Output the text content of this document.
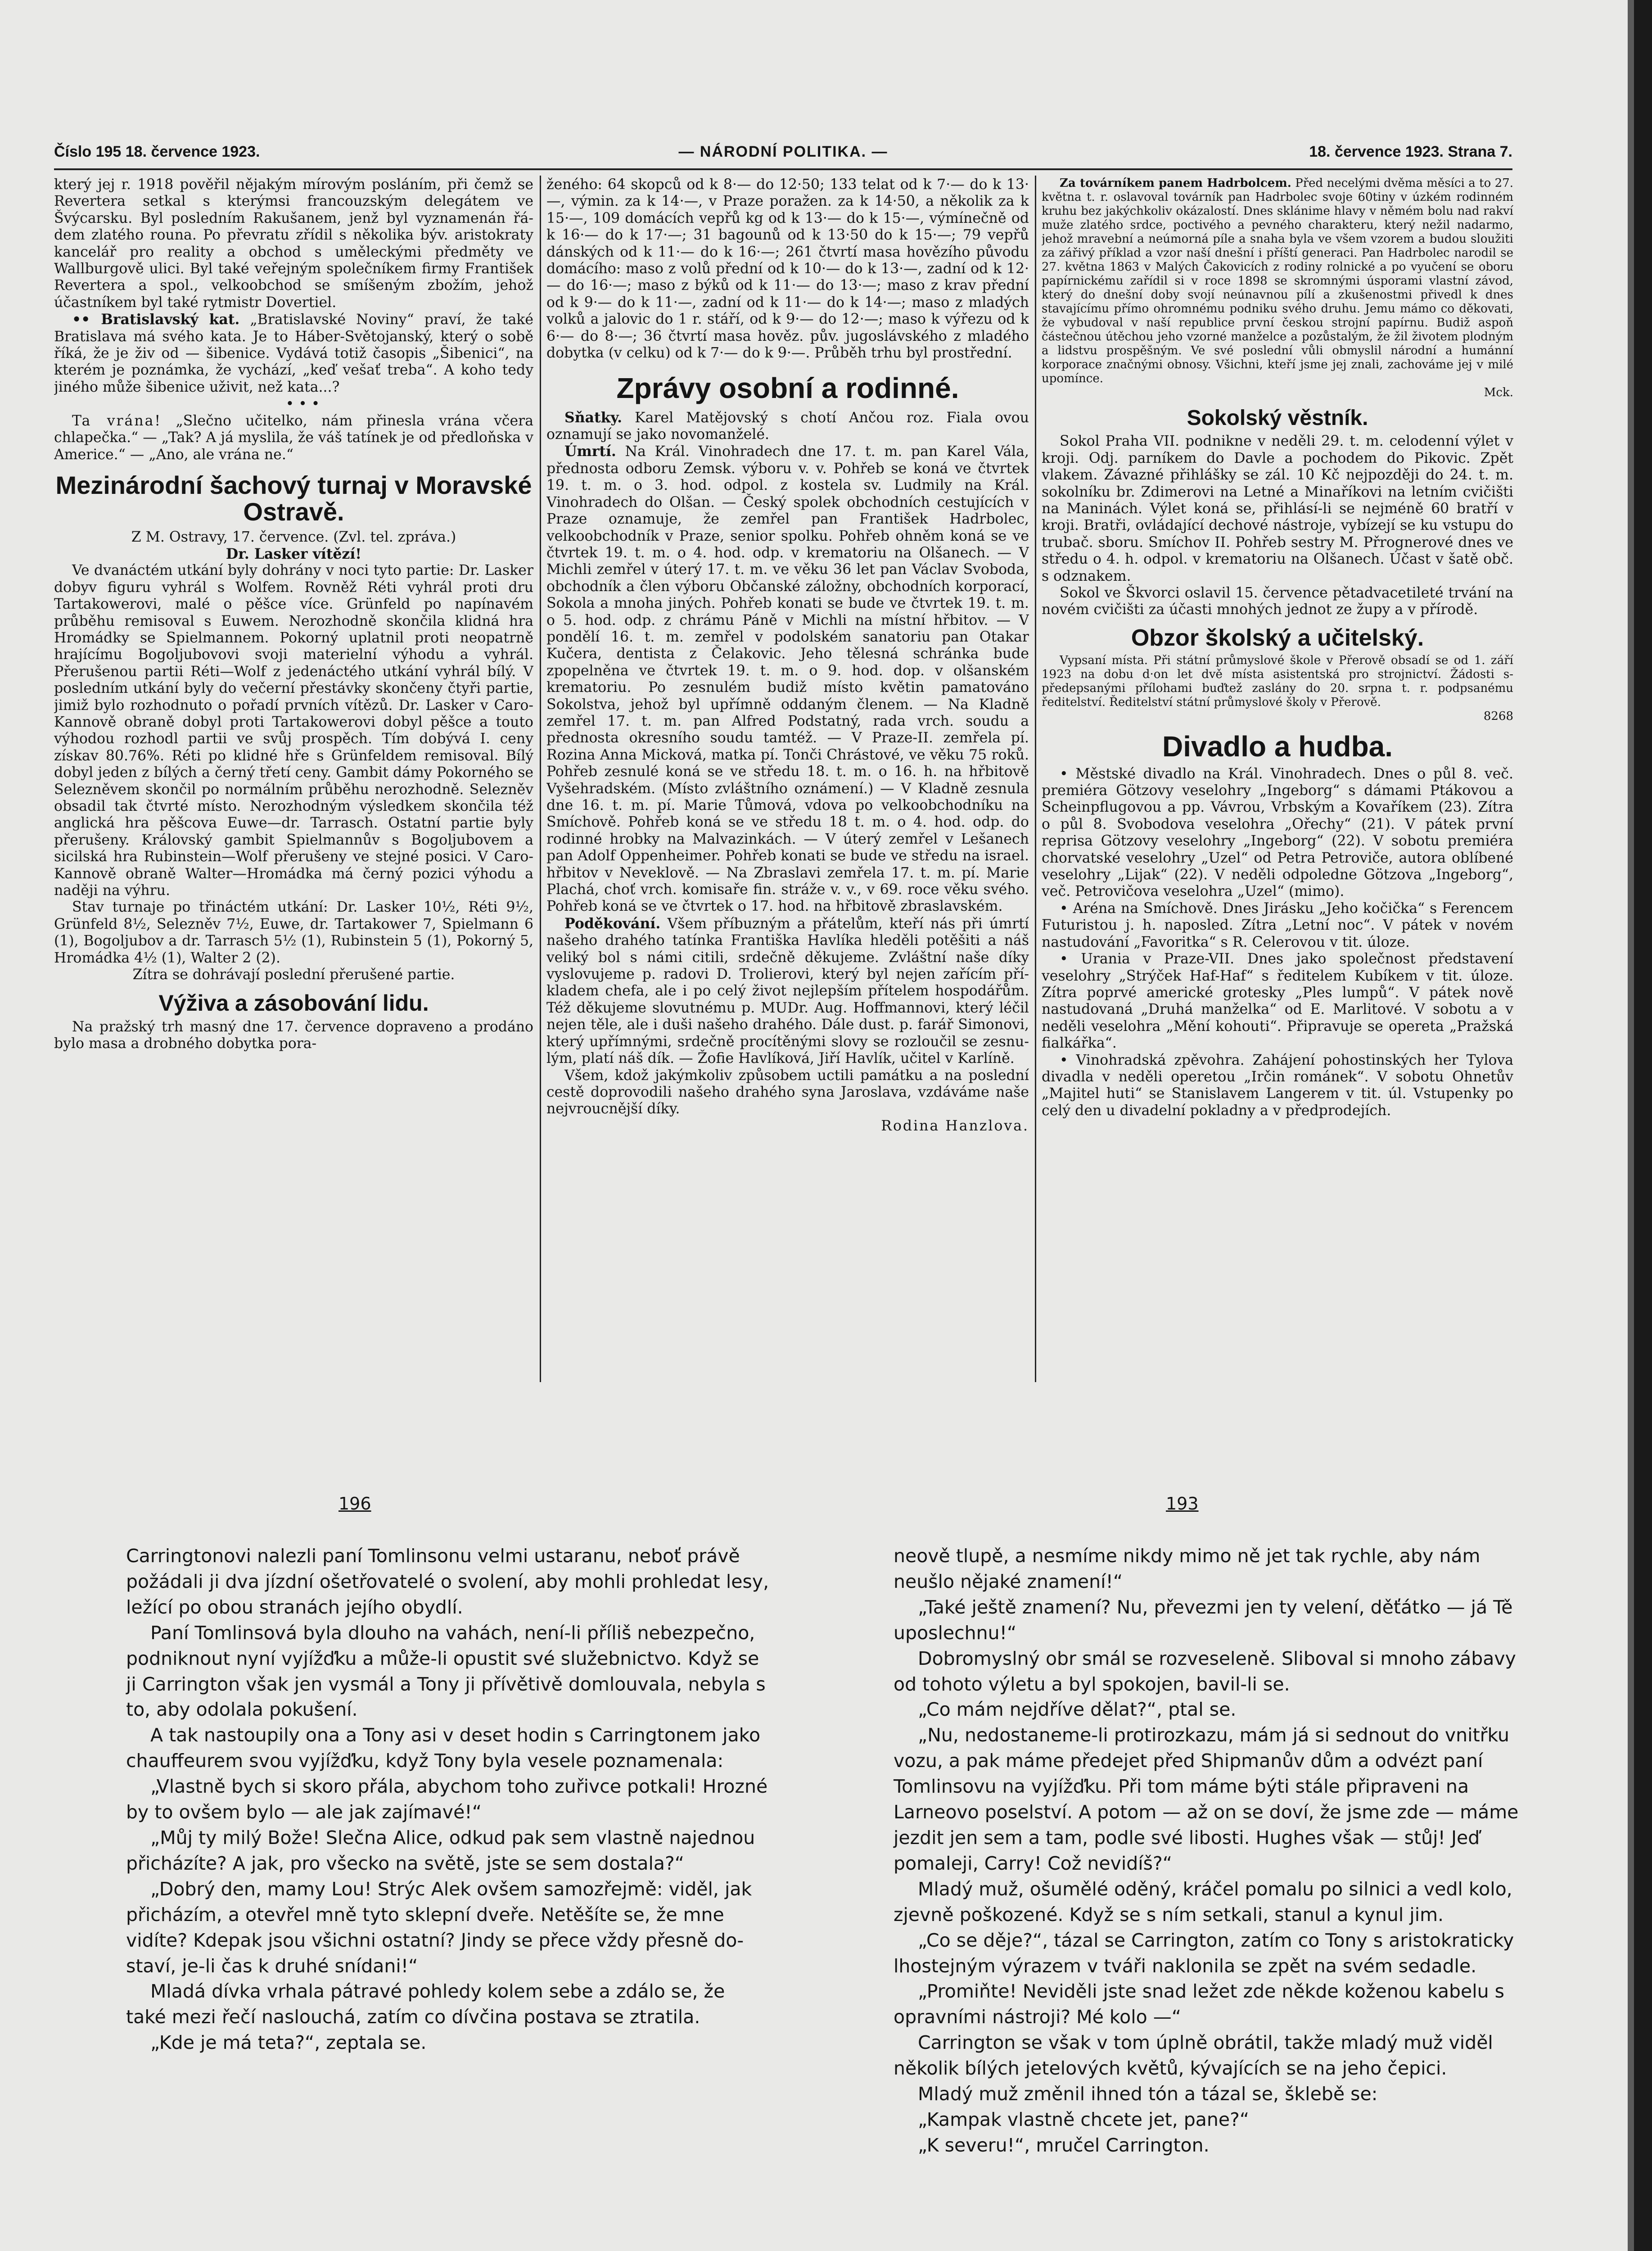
Číslo 195 18. července 1923.	— NÁRODNÍ POLITIKA. —	18. července 1923. Strana 7.

který jej r. 1918 pověřil nějakým mírovým posláním, při čemž se Revertera setkal s kterýmsi francouzským delegátem ve Švýcarsku. Byl posledním Rakušanem, jenž byl vyznamenán řádem zlatého rouna. Po převratu zřídil s několika býv. aristokraty kancelář pro reality a obchod s uměleckými předměty ve Wallburgově ulici. Byl také veřejným společníkem firmy František Revertera a spol., velkoobchod se smíšeným zbožím, jehož účastníkem byl také rytmistr Dovertiel.

•• Bratislavský kat. „Bratislavské Noviny“ praví, že také Bratislava má svého kata. Je to Háber-Světojanský, který o sobě říká, že je živ od — šibenice. Vydává totiž časopis „Šibenici“, na kterém je poznámka, že vychází, „keď vešať treba“. A koho tedy jiného může šibenice uživit, než kata...?

• • •

Ta vrána! „Slečno učitelko, nám přinesla vrána včera chlapečka.“ — „Tak? A já myslila, že váš tatínek je od předloňska v Americe.“ — „Ano, ale vrána ne.“

Mezinárodní šachový turnaj v Moravské Ostravě.

Z M. Ostravy, 17. července. (Zvl. tel. zpráva.)

Dr. Lasker vítězí!

Ve dvanáctém utkání byly dohrány v noci tyto partie: Dr. Lasker dobyv figuru vyhrál s Wolfem. Rovněž Réti vyhrál proti dru Tartakowerovi, malé o pěšce více. Grünfeld po napínavém průběhu remisoval s Euwem. Nerozhodně skončila klidná hra Hromádky se Spielmannem. Pokorný uplatnil proti neopatrně hrajícímu Bogoljubovovi svoji materielní výhodu a vyhrál. Přerušenou partii Réti—Wolf z jedenáctého utkání vyhrál bílý. V posledním utkání byly do večerní přestávky skončeny čtyři partie, jimiž bylo rozhodnuto o pořadí prvních vítězů. Dr. Lasker v Caro-Kannově obraně dobyl proti Tartakowerovi dobyl pěšce a touto výhodou rozhodl partii ve svůj prospěch. Tím dobývá I. ceny získav 80.76%. Réti po klidné hře s Grünfeldem remisoval. Bílý dobyl jeden z bílých a černý třetí ceny. Gambit dámy Pokorného se Selezněvem skončil po normálním průběhu nerozhodně. Selezněv obsadil tak čtvrté místo. Nerozhodným výsledkem skončila též anglická hra pěšcova Euwe—dr. Tarrasch. Ostatní partie byly přerušeny. Královský gambit Spielmannův s Bogoljubovem a sicilská hra Rubinstein—Wolf přerušeny ve stejné posici. V CaroKannově obraně Walter—Hromádka má černý pozici výhodu a naději na výhru.

Stav turnaje po třináctém utkání: Dr. Lasker 10½, Réti 9½, Grünfeld 8½, Selezněv 7½, Euwe, dr. Tartakower 7, Spielmann 6 (1), Bogoljubov a dr. Tarrasch 5½ (1), Rubinstein 5 (1), Pokorný 5, Hromádka 4½ (1), Walter 2 (2).

Zítra se dohrávají poslední přerušené partie.

Výživa a zásobování lidu.

Na pražský trh masný dne 17. července dopraveno a prodáno bylo masa a drobného dobytka pora-

ženého: 64 skopců od k 8·— do 12·50; 133 telat od k 7·— do k 13·—, výmin. za k 14·—, v Praze poražen. za k 14·50, a několik za k 15·—, 109 domácích vepřů kg od k 13·— do k 15·—, výmínečně od k 16·— do k 17·—; 31 bagounů od k 13·50 do k 15·—; 79 vepřů dánských od k 11·— do k 16·—; 261 čtvrtí masa hovězího původu domácího: maso z volů přední od k 10·— do k 13·—, zadní od k 12·— do 16·—; maso z býků od k 11·— do 13·—; maso z krav přední od k 9·— do k 11·—, zadní od k 11·— do k 14·—; maso z mladých volků a jalovic do 1 r. stáří, od k 9·— do 12·—; maso k výřezu od k 6·— do 8·—; 36 čtvrtí masa hověz. pův. jugoslávského z mladého dobytka (v celku) od k 7·— do k 9·—. Průběh trhu byl prostřední.

Zprávy osobní a rodinné.

Sňatky. Karel Matějovský s chotí Ančou roz. Fiala ovou oznamují se jako novomanželé.

Úmrtí. Na Král. Vinohradech dne 17. t. m. pan Karel Vála, přednosta odboru Zemsk. výboru v. v. Pohřeb se koná ve čtvrtek 19. t. m. o 3. hod. odpol. z kostela sv. Ludmily na Král. Vinohradech do Olšan. — Český spolek obchodních cestujících v Praze oznamuje, že zemřel pan František Hadrbolec, velkoobchodník v Praze, senior spolku. Pohřeb ohněm koná se ve čtvrtek 19. t. m. o 4. hod. odp. v krematoriu na Olšanech. — V Michli zemřel v úterý 17. t. m. ve věku 36 let pan Václav Svoboda, obchodník a člen výboru Občanské záložny, obchodních korporací, Sokola a mnoha jiných. Pohřeb konati se bude ve čtvrtek 19. t. m. o 5. hod. odp. z chrámu Páně v Michli na místní hřbitov. — V pondělí 16. t. m. zemřel v podolském sanatoriu pan Otakar Kučera, dentista z Čelakovic. Jeho tělesná schránka bude zpopelněna ve čtvrtek 19. t. m. o 9. hod. dop. v olšanském krematoriu. Po zesnulém budiž místo květin pamatováno Sokolstva, jehož byl upřímně oddaným členem. — Na Kladně zemřel 17. t. m. pan Alfred Podstatný, rada vrch. soudu a přednosta okresního soudu tamtéž. — V Praze-II. zemřela pí. Rozina Anna Micková, matka pí. Tonči Chrástové, ve věku 75 roků. Pohřeb zesnulé koná se ve středu 18. t. m. o 16. h. na hřbitově Vyšehradském. (Místo zvláštního oznámení.) — V Kladně zesnula dne 16. t. m. pí. Marie Tůmová, vdova po velkoobchodníku na Smíchově. Pohřeb koná se ve středu 18 t. m. o 4. hod. odp. do rodinné hrobky na Malvazinkách. — V úterý zemřel v Lešanech pan Adolf Oppenheimer. Pohřeb konati se bude ve středu na israel. hřbitov v Neveklově. — Na Zbraslavi zemřela 17. t. m. pí. Marie Plachá, choť vrch. komisaře fin. stráže v. v., v 69. roce věku svého. Pohřeb koná se ve čtvrtek o 17. hod. na hřbitově zbraslavském.

Poděkování. Všem příbuzným a přátelům, kteří nás při úmrtí našeho drahého tatínka Františka Havlíka hleděli potěšiti a náš veliký bol s námi citili, srdečně děkujeme. Zvláštní naše díky vyslovujeme p. radovi D. Trolierovi, který byl nejen zařícím příkladem chefa, ale i po celý život nejlepším přítelem hospodářům. Též děkujeme slovutnému p. MUDr. Aug. Hoffmannovi, který léčil nejen těle, ale i duši našeho drahého. Dále dust. p. farář Simonovi, který upřímnými, srdečně procítěnými slovy se rozloučil se zesnulým, platí náš dík. — Žofie Havlíková, Jiří Havlík, učitel v Karlíně.

Všem, kdož jakýmkoliv způsobem uctili památku a na poslední cestě doprovodili našeho drahého syna Jaroslava, vzdáváme naše nejvroucnější díky.

Rodina Hanzlova.

Za továrníkem panem Hadrbolcem. Před necelými dvěma měsíci a to 27. května t. r. oslavoval továrník pan Hadrbolec svoje 60tiny v úzkém rodinném kruhu bez jakýchkoliv okázalostí. Dnes sklánime hlavy v němém bolu nad rakví muže zlatého srdce, poctivého a pevného charakteru, který nežil nadarmo, jehož mravební a neúmorná píle a snaha byla ve všem vzorem a budou sloužiti za zářivý příklad a vzor naší dnešní i příští generaci. Pan Hadrbolec narodil se 27. května 1863 v Malých Čakovicích z rodiny rolnické a po vyučení se oboru papírnickému zařídil si v roce 1898 se skromnými úsporami vlastní závod, který do dnešní doby svojí neúnavnou pílí a zkušenostmi přivedl k dnes stavajícímu přímo ohromnému podniku svého druhu. Jemu mámo co děkovati, že vybudoval v naší republice první českou strojní papírnu. Budiž aspoň částečnou útěchou jeho vzorné manželce a pozůstalým, že žil životem plodným a lidstvu prospěšným. Ve své poslední vůli obmyslil národní a humánní korporace značnými obnosy. Všichni, kteří jsme jej znali, zachováme jej v milé upomínce.

Mck.

Sokolský věstník.

Sokol Praha VII. podnikne v neděli 29. t. m. celodenní výlet v kroji. Odj. parníkem do Davle a pochodem do Pikovic. Zpět vlakem. Závazné přihlášky se zál. 10 Kč nejpozději do 24. t. m. sokolníku br. Zdimerovi na Letné a Minaříkovi na letním cvičišti na Maninách. Výlet koná se, přihlásí-li se nejméně 60 bratří v kroji. Bratři, ovládající dechové nástroje, vybízejí se ku vstupu do trubač. sboru. Smíchov II. Pohřeb sestry M. Přrognerové dnes ve středu o 4. h. odpol. v krematoriu na Olšanech. Účast v šatě obč. s odznakem.

Sokol ve Škvorci oslavil 15. července pětadvacetileté trvání na novém cvičišti za účasti mnohých jednot ze župy a v přírodě.

Obzor školský a učitelský.

Vypsaní místa. Při státní průmyslové škole v Přerově obsadí se od 1. září 1923 na dobu d·on let dvě místa asistentská pro strojnictví. Žádosti spředepsanými přílohami buďtež zaslány do 20. srpna t. r. podpsanému ředitelství. Ředitelství státní průmyslové školy v Přerově.

8268

Divadlo a hudba.

• Městské divadlo na Král. Vinohradech. Dnes o půl 8. več. premiéra Götzovy veselohry „Ingeborg“ s dámami Ptákovou a Scheinpflugovou a pp. Vávrou, Vrbským a Kovaříkem (23). Zítra o půl 8. Svobodova veselohra „Ořechy“ (21). V pátek první reprisa Götzovy veselohry „Ingeborg“ (22). V sobotu premiéra chorvatské veselohry „Uzel“ od Petra Petroviče, autora oblíbené veselohry „Lijak“ (22). V neděli odpoledne Götzova „Ingeborg“, več. Petrovičova veselohra „Uzel“ (mimo).

• Aréna na Smíchově. Dnes Jirásku „Jeho kočička“ s Ferencem Futuristou j. h. naposled. Zítra „Letní noc“. V pátek v novém nastudování „Favoritka“ s R. Celerovou v tit. úloze.

• Urania v Praze-VII. Dnes jako společnost představení veselohry „Strýček Haf-Haf“ s ředitelem Kubíkem v tit. úloze. Zítra poprvé americké grotesky „Ples lumpů“. V pátek nově nastudovaná „Druhá manželka“ od E. Marlitové. V sobotu a v neděli veselohra „Mění kohouti“. Připravuje se opereta „Pražská fialkářka“.

• Vinohradská zpěvohra. Zahájení pohostinských her Tylova divadla v neděli operetou „Irčin románek“. V sobotu Ohnetův „Majitel huti“ se Stanislavem Langerem v tit. úl. Vstupenky po celý den u divadelní pokladny a v předprodejích.

196	193

Carringtonovi nalezli paní Tomlinsonu velmi ustaranu, neboť právě požádali ji dva jízdní ošetřovatelé o svolení, aby mohli prohledat lesy, ležící po obou stranách jejího obydlí.

Paní Tomlinsová byla dlouho na vahách, není-li příliš nebezpečno, podniknout nyní vyjížďku a může-li opustit své služebnictvo. Když se ji Carrington však jen vysmál a Tony ji přívětivě domlouvala, nebyla s to, aby odolala pokušení.

A tak nastoupily ona a Tony asi v deset hodin s Carringtonem jako chauffeurem svou vyjížďku, když Tony byla vesele poznamenala:

„Vlastně bych si skoro přála, abychom toho zuřivce potkali! Hrozné by to ovšem bylo — ale jak zajímavé!“

„Můj ty milý Bože! Slečna Alice, odkud pak sem vlastně najednou přicházíte? A jak, pro všecko na světě, jste se sem dostala?“

„Dobrý den, mamy Lou! Strýc Alek ovšem samozřejmě: viděl, jak přicházím, a otevřel mně tyto sklepní dveře. Netěšíte se, že mne vidíte? Kdepak jsou všichni ostatní? Jindy se přece vždy přesně dostaví, je-li čas k druhé snídani!“

Mladá dívka vrhala pátravé pohledy kolem sebe a zdálo se, že také mezi řečí naslouchá, zatím co dívčina postava se ztratila.

„Kde je má teta?“, zeptala se.

neově tlupě, a nesmíme nikdy mimo ně jet tak rychle, aby nám neušlo nějaké znamení!“

„Také ještě znamení? Nu, převezmi jen ty velení, děťátko — já Tě uposlechnu!“

Dobromyslný obr smál se rozveseleně. Sliboval si mnoho zábavy od tohoto výletu a byl spokojen, bavil-li se.

„Co mám nejdříve dělat?“, ptal se.

„Nu, nedostaneme-li protirozkazu, mám já si sednout do vnitřku vozu, a pak máme předejet před Shipmanův dům a odvézt paní Tomlinsovu na vyjížďku. Při tom máme býti stále připraveni na Larneovo poselství. A potom — až on se doví, že jsme zde — máme jezdit jen sem a tam, podle své libosti. Hughes však — stůj! Jeď pomaleji, Carry! Což nevidíš?“

Mladý muž, ošumělé oděný, kráčel pomalu po silnici a vedl kolo, zjevně poškozené. Když se s ním setkali, stanul a kynul jim.

„Co se děje?“, tázal se Carrington, zatím co Tony s aristokraticky lhostejným výrazem v tváři naklonila se zpět na svém sedadle.

„Promiňte! Neviděli jste snad ležet zde někde koženou kabelu s opravními nástroji? Mé kolo —“

Carrington se však v tom úplně obrátil, takže mladý muž viděl několik bílých jetelových květů, kývajících se na jeho čepici.

Mladý muž změnil ihned tón a tázal se, šklebě se:

„Kampak vlastně chcete jet, pane?“

„K severu!“, mručel Carrington.
